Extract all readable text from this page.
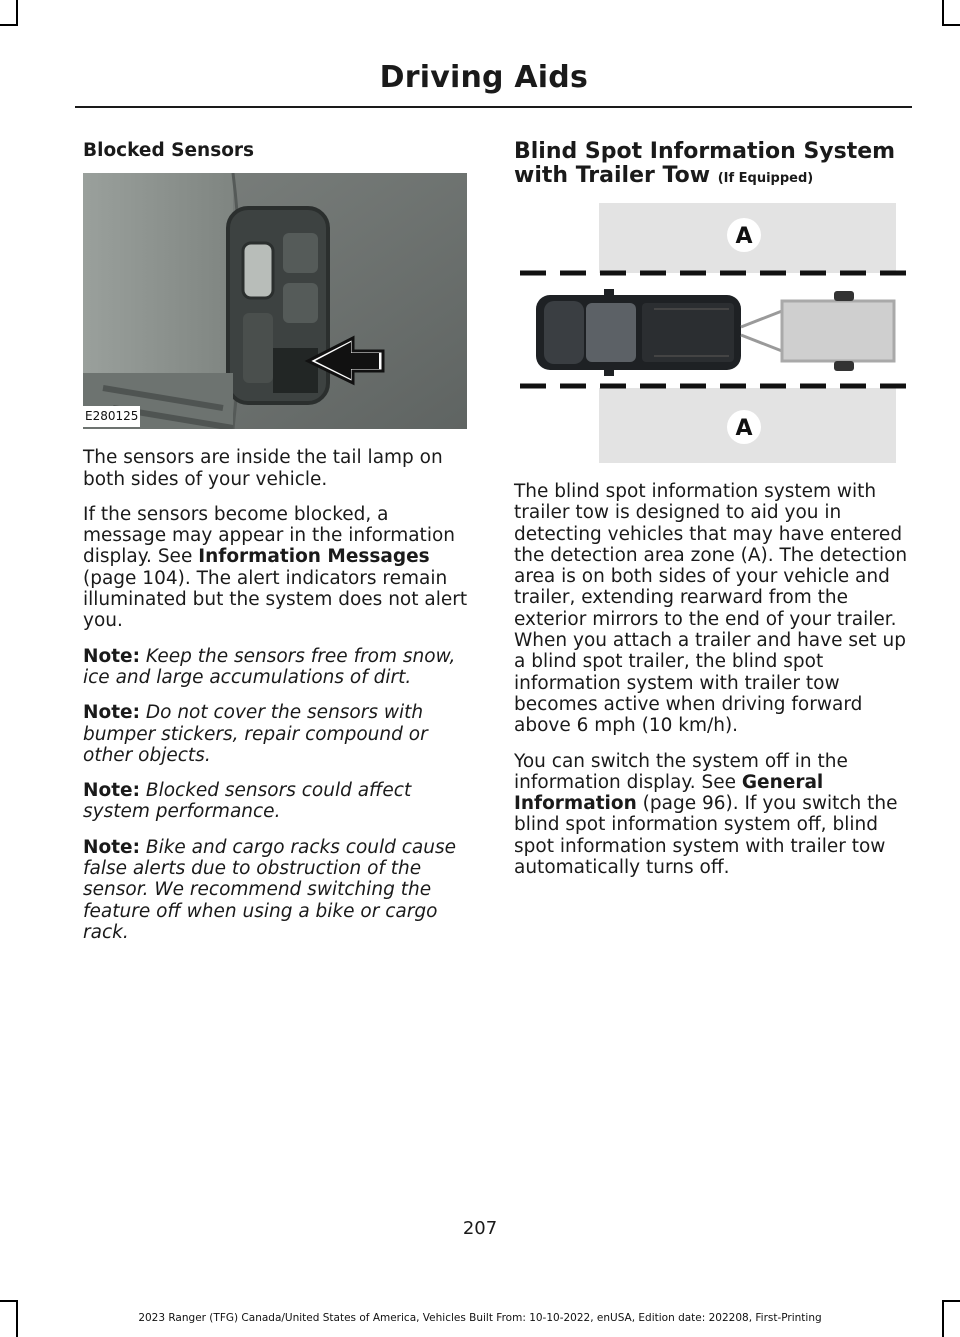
Driving Aids
Blocked Sensors
E280125

The sensors are inside the tail lamp on both sides of your vehicle.

If the sensors become blocked, a message may appear in the information display. See Information Messages (page 104). The alert indicators remain illuminated but the system does not alert you.

Note: Keep the sensors free from snow, ice and large accumulations of dirt.

Note: Do not cover the sensors with bumper stickers, repair compound or other objects.

Note: Blocked sensors could affect system performance.

Note: Bike and cargo racks could cause false alerts due to obstruction of the sensor. We recommend switching the feature off when using a bike or cargo rack.

Blind Spot Information System with Trailer Tow (If Equipped)
A
A

The blind spot information system with trailer tow is designed to aid you in detecting vehicles that may have entered the detection area zone (A). The detection area is on both sides of your vehicle and trailer, extending rearward from the exterior mirrors to the end of your trailer. When you attach a trailer and have set up a blind spot trailer, the blind spot information system with trailer tow becomes active when driving forward above 6 mph (10 km/h).

You can switch the system off in the information display. See General Information (page 96). If you switch the blind spot information system off, blind spot information system with trailer tow automatically turns off.

207
2023 Ranger (TFG) Canada/United States of America, Vehicles Built From: 10-10-2022, enUSA, Edition date: 202208, First-Printing
